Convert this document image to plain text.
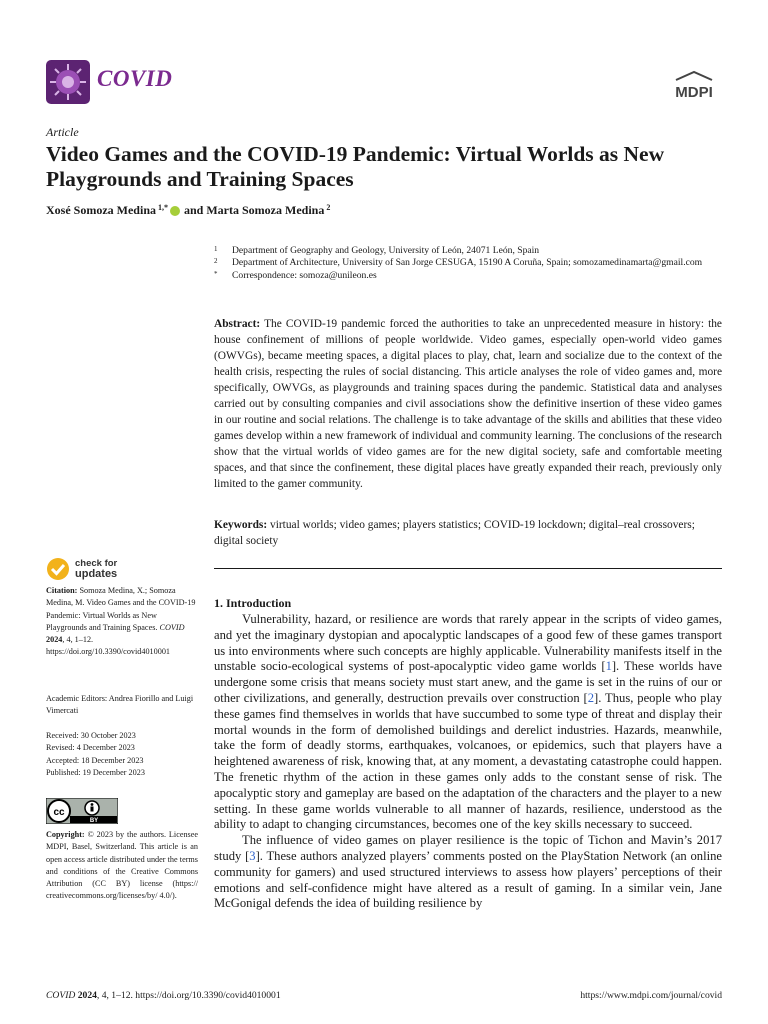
COVID
MDPI
Article
Video Games and the COVID-19 Pandemic: Virtual Worlds as New Playgrounds and Training Spaces
Xosé Somoza Medina $^{1,*}$ and
Marta Somoza Medina $^2$
1	Department of Geography and Geology, University of León, 24071 León, Spain
2	Department of Architecture, University of San Jorge CESUGA, 15190 A Coruña, Spain; somozamedinamarta@gmail.com
*	Correspondence: somoza@unileon.es

Abstract: The COVID-19 pandemic forced the authorities to take an unprecedented measure in history: the house confinement of millions of people worldwide. Video games, especially open-world video games (OWVGs), became meeting spaces, a digital places to play, chat, learn and socialize due to the context of the health crisis, respecting the rules of social distancing. This article analyses the role of video games and, more specifically, OWVGs, as playgrounds and training spaces during the pandemic. Statistical data and analyses carried out by consulting companies and civil associations show the definitive insertion of these video games in our routine and social relations. The challenge is to take advantage of the skills and abilities that these video games develop within a new framework of individual and community learning. The conclusions of the research show that the virtual worlds of video games are for the new digital society, safe and comfortable meeting spaces, and that since the confinement, these digital places have greatly expanded their reach, previously only limited to the gamer community.

Keywords: virtual worlds; video games; players statistics; COVID-19 lockdown; digital–real crossovers; digital society

1. Introduction

Vulnerability, hazard, or resilience are words that rarely appear in the scripts of video games, and yet the imaginary dystopian and apocalyptic landscapes of a good few of these games transport us into environments where such concepts are highly applicable. Vulnerability manifests itself in the unstable socio-ecological systems of post-apocalyptic video game worlds [1]. These worlds have undergone some crisis that means society must start anew, and the game is set in the ruins of our or other civilizations, and generally, destruction prevails over construction [2]. Thus, people who play these games find themselves in worlds that have succumbed to some type of threat and display their mortal wounds in the form of demolished buildings and derelict industries. Hazards, meanwhile, take the form of deadly storms, earthquakes, volcanoes, or epidemics, such that players have a heightened awareness of risk, knowing that, at any moment, a devastating catastrophe could happen. The frenetic rhythm of the action in these games only adds to the constant sense of risk. The apocalyptic story and gameplay are based on the adaptation of the characters and the player to a new setting. In these game worlds vulnerable to all manner of hazards, resilience, understood as the ability to adapt to changing circumstances, becomes one of the key skills necessary to succeed.

The influence of video games on player resilience is the topic of Tichon and Mavin’s 2017 study [3]. These authors analyzed players’ comments posted on the PlayStation Network (an online community for gamers) and used structured interviews to assess how players’ perceptions of their emotions and self-confidence might have altered as a result of gaming. In a similar vein, Jane McGonigal defends the idea of building resilience by

check for
updates

Citation: Somoza Medina, X.; Somoza Medina, M. Video Games and the COVID-19 Pandemic: Virtual Worlds as New Playgrounds and Training Spaces. COVID 2024, 4, 1–12. https://doi.org/10.3390/covid4010001

Academic Editors: Andrea Fiorillo and Luigi Vimercati

Received: 30 October 2023

Revised: 4 December 2023

Accepted: 18 December 2023

Published: 19 December 2023

cc
BY

Copyright: © 2023 by the authors. Licensee MDPI, Basel, Switzerland. This article is an open access article distributed under the terms and conditions of the Creative Commons Attribution (CC BY) license (https:// creativecommons.org/licenses/by/ 4.0/).

COVID 2024, 4, 1–12. https://doi.org/10.3390/covid4010001	https://www.mdpi.com/journal/covid
